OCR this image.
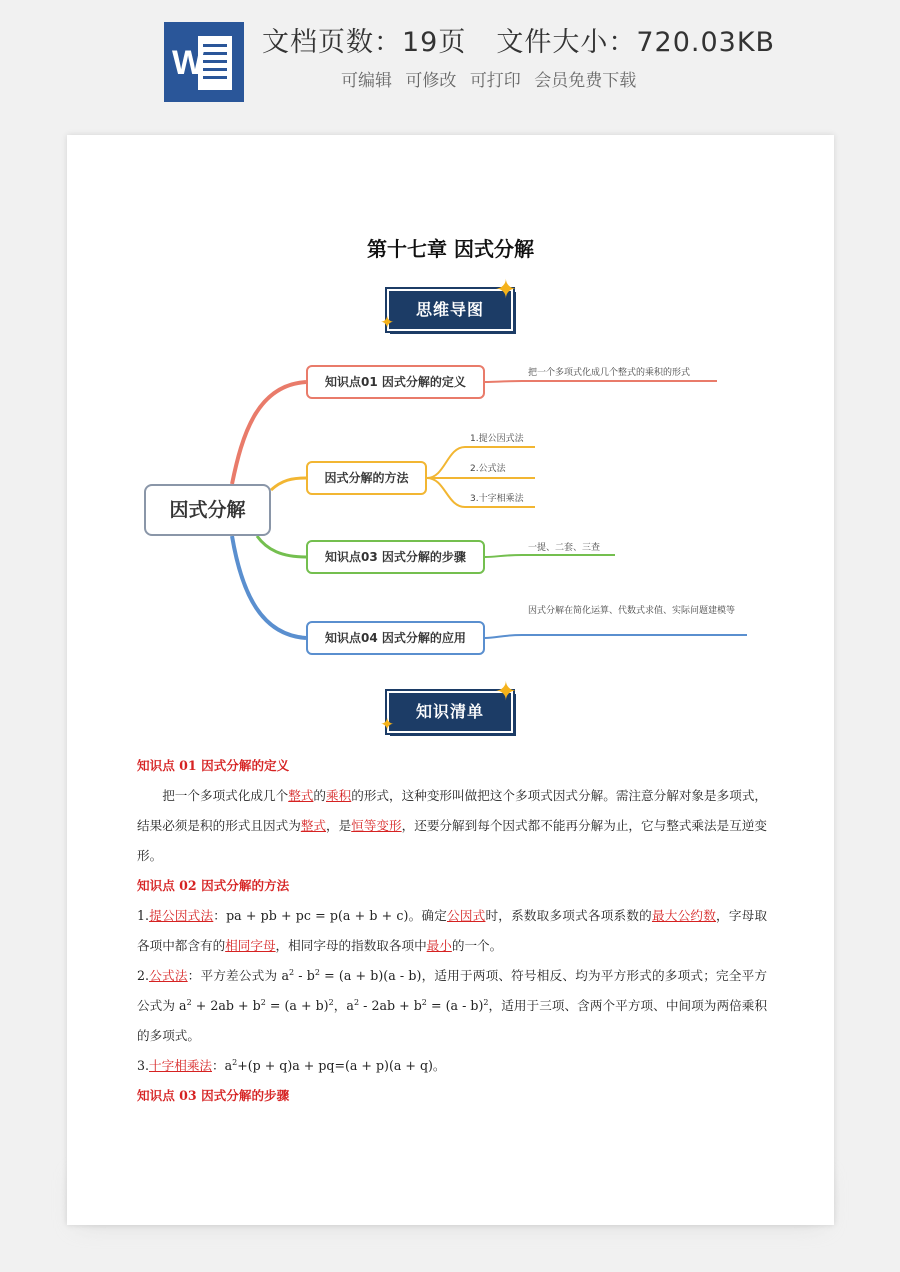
W
文档页数：19页 文件大小：720.03KB
可编辑 可修改 可打印 会员免费下载
第十七章 因式分解
思维导图
✦
✦
因式分解
知识点01 因式分解的定义
把一个多项式化成几个整式的乘积的形式
因式分解的方法
1.提公因式法
2.公式法
3.十字相乘法
知识点03 因式分解的步骤
一提、二套、三查
知识点04 因式分解的应用
因式分解在简化运算、代数式求值、实际问题建模等
知识清单
✦
✦
知识点 01 因式分解的定义

把一个多项式化成几个整式的乘积的形式，这种变形叫做把这个多项式因式分解。需注意分解对象是多项式，结果必须是积的形式且因式为整式，是恒等变形，还要分解到每个因式都不能再分解为止，它与整式乘法是互逆变形。

知识点 02 因式分解的方法

1.提公因式法：pa + pb + pc = p(a + b + c)。确定公因式时，系数取多项式各项系数的最大公约数，字母取各项中都含有的相同字母，相同字母的指数取各项中最小的一个。

2.公式法：平方差公式为 $a^2 - b^2 = (a + b)(a - b)$，适用于两项、符号相反、均为平方形式的多项式；完全平方公式为 $a^2 + 2ab + b^2 = (a + b)^2$，$a^2 - 2ab + b^2 = (a - b)^2$，适用于三项、含两个平方项、中间项为两倍乘积的多项式。

3.十字相乘法：$a^2+(p + q)a + pq=(a + p)(a + q)$。

知识点 03 因式分解的步骤
